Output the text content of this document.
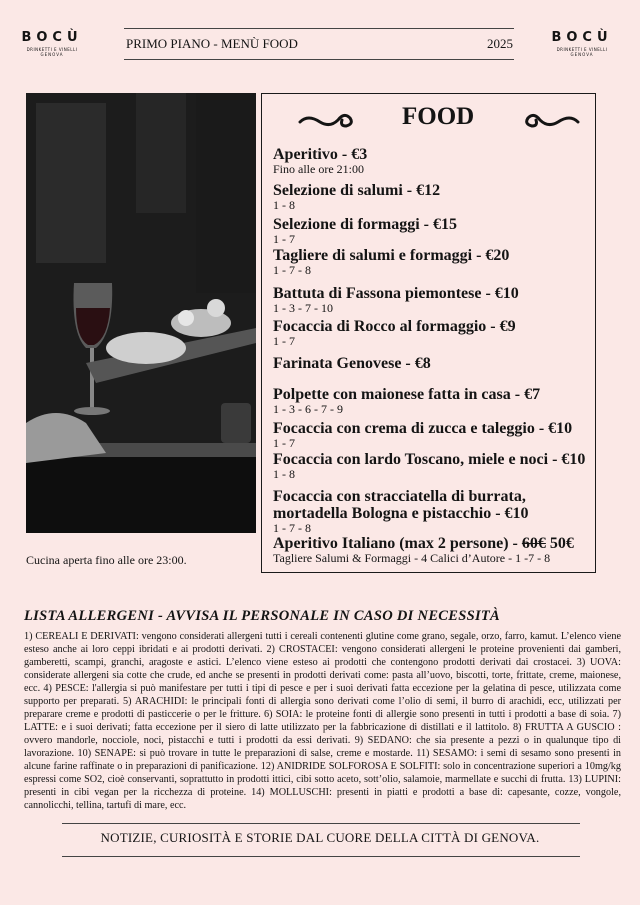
BOCÙ
DRINKETTI E VINELLI
GENOVA
BOCÙ
DRINKETTI E VINELLI
GENOVA
PRIMO PIANO - MENÙ FOOD	2025
Cucina aperta fino alle ore 23:00.
FOOD
Aperitivo - €3
Fino alle ore 21:00
Selezione di salumi - €12
1 - 8
Selezione di formaggi - €15
1 - 7
Tagliere di salumi e formaggi - €20
1 - 7 - 8
Battuta di Fassona piemontese - €10
1 - 3 - 7 - 10
Focaccia di Rocco al formaggio - €9
1 - 7
Farinata Genovese - €8
Polpette con maionese fatta in casa - €7
1 - 3 - 6 - 7 - 9
Focaccia con crema di zucca e taleggio - €10
1 - 7
Focaccia con lardo Toscano, miele e noci - €10
1 - 8
Focaccia con stracciatella di burrata, mortadella Bologna e pistacchio - €10
1 - 7 - 8
Aperitivo Italiano (max 2 persone) - 60€ 50€
Tagliere Salumi & Formaggi - 4 Calici d’Autore - 1 -7 - 8
LISTA ALLERGENI - AVVISA IL PERSONALE IN CASO DI NECESSITÀ
1) CEREALI E DERIVATI: vengono considerati allergeni tutti i cereali contenenti glutine come grano, segale, orzo, farro, kamut. L’elenco viene esteso anche ai loro ceppi ibridati e ai prodotti derivati. 2) CROSTACEI: vengono considerati allergeni le proteine provenienti dai gamberi, gamberetti, scampi, granchi, aragoste e astici. L’elenco viene esteso ai prodotti che contengono prodotti derivati dai crostacei. 3) UOVA: considerate allergeni sia cotte che crude, ed anche se presenti in prodotti derivati come: pasta all’uovo, biscotti, torte, frittate, creme, maionese, ecc. 4) PESCE: l'allergia si può manifestare per tutti i tipi di pesce e per i suoi derivati fatta eccezione per la gelatina di pesce, utilizzata come supporto per preparati. 5) ARACHIDI: le principali fonti di allergia sono derivati come l’olio di semi, il burro di arachidi, ecc, utilizzati per preparare creme e prodotti di pasticcerie o per le fritture. 6) SOIA: le proteine fonti di allergie sono presenti in tutti i prodotti a base di soia. 7) LATTE: e i suoi derivati; fatta eccezione per il siero di latte utilizzato per la fabbricazione di distillati e il lattitolo. 8) FRUTTA A GUSCIO : ovvero mandorle, nocciole, noci, pistacchi e tutti i prodotti da essi derivati. 9) SEDANO: che sia presente a pezzi o in qualunque tipo di lavorazione. 10) SENAPE: si può trovare in tutte le preparazioni di salse, creme e mostarde. 11) SESAMO: i semi di sesamo sono presenti in alcune farine raffinate o in preparazioni di panificazione. 12) ANIDRIDE SOLFOROSA E SOLFITI: solo in concentrazione superiori a 10mg/kg espressi come SO2, cioè conservanti, soprattutto in prodotti ittici, cibi sotto aceto, sott’olio, salamoie, marmellate e succhi di frutta. 13) LUPINI: presenti in cibi vegan per la ricchezza di proteine. 14) MOLLUSCHI: presenti in piatti e prodotti a base di: capesante, cozze, vongole, cannolicchi, tellina, tartufi di mare, ecc.
NOTIZIE, CURIOSITÀ E STORIE DAL CUORE DELLA CITTÀ DI GENOVA.
